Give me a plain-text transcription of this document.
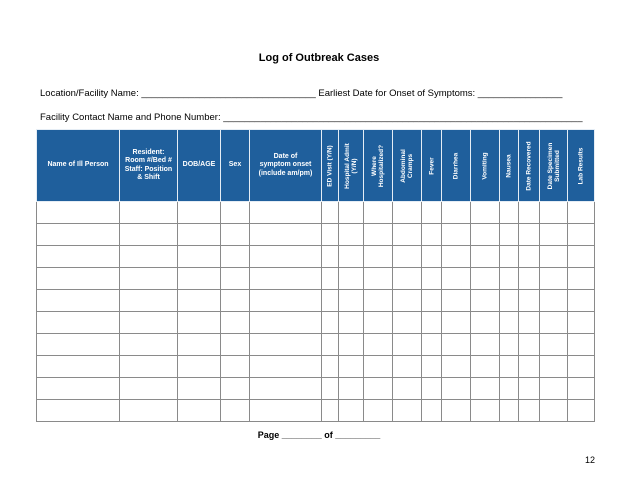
Log of Outbreak Cases
Location/Facility Name: _________________________________ Earliest Date for Onset of Symptoms: ________________
Facility Contact Name and Phone Number: ____________________________________________________________________
Name of Ill Person	Resident:
Room #/Bed #
Staff: Position
& Shift	DOB/AGE	Sex	Date of
symptom onset
(include am/pm)	ED Visit (Y/N)	Hospital Admit
(Y/N)	Where
Hospitalized?	Abdominal
Cramps	Fever	Diarrhea	Vomiting	Nausea	Date Recovered	Date Specimen
Submitted	Lab Results

Page ________ of _________
12
